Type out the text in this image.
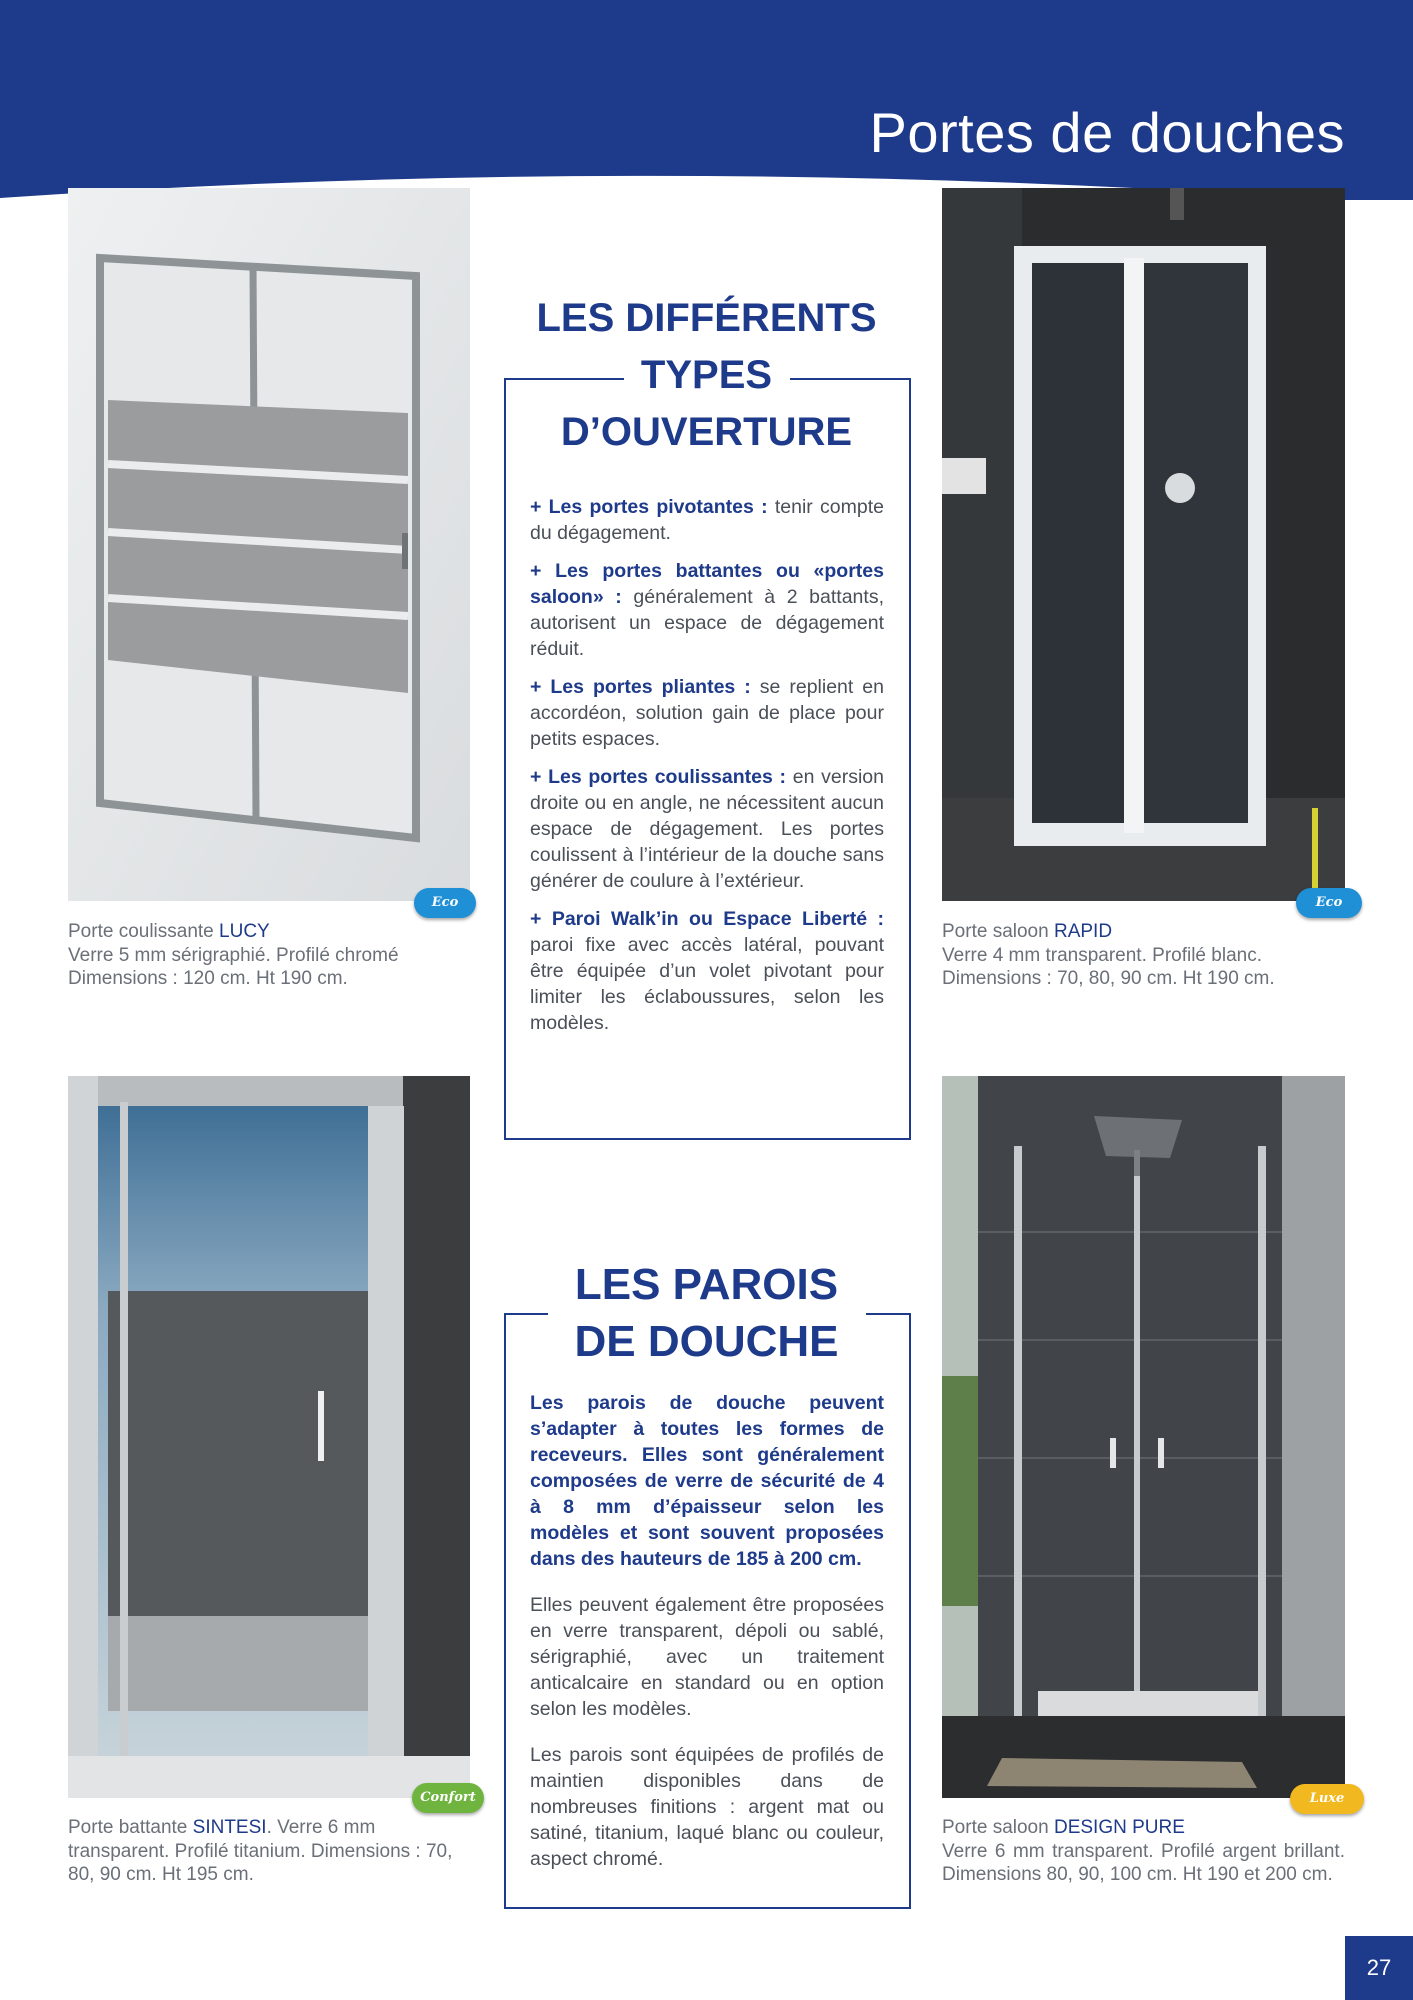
Portes de douches
Eco

Porte coulissante LUCY
Verre 5 mm sérigraphié. Profilé chromé Dimensions : 120 cm. Ht 190 cm.

Eco

Porte saloon RAPID
Verre 4 mm transparent. Profilé blanc. Dimensions : 70, 80, 90 cm. Ht 190 cm.

Confort

Porte battante SINTESI. Verre 6 mm transparent. Profilé titanium. Dimensions : 70, 80, 90 cm. Ht 195 cm.

Luxe

Porte saloon DESIGN PURE
Verre 6 mm transparent. Profilé argent brillant. Dimensions 80, 90, 100 cm. Ht 190 et 200 cm.

LES DIFFÉRENTS
TYPES
D’OUVERTURE

+ Les portes pivotantes : tenir compte du dégagement.

+ Les portes battantes ou «portes saloon» : généralement à 2 battants, autorisent un espace de dégagement réduit.

+ Les portes pliantes : se replient en accordéon, solution gain de place pour petits espaces.

+ Les portes coulissantes : en version droite ou en angle, ne nécessitent aucun espace de dégagement. Les portes coulissent à l’intérieur de la douche sans générer de coulure à l’extérieur.

+ Paroi Walk’in ou Espace Liberté : paroi fixe avec accès latéral, pouvant être équipée d’un volet pivotant pour limiter les éclaboussures, selon les modèles.

LES PAROIS
DE DOUCHE

Les parois de douche peuvent s’adapter à toutes les formes de receveurs. Elles sont généralement composées de verre de sécurité de 4 à 8 mm d’épaisseur selon les modèles et sont souvent proposées dans des hauteurs de 185 à 200 cm.

Elles peuvent également être proposées en verre transparent, dépoli ou sablé, sérigraphié, avec un traitement anticalcaire en standard ou en option selon les modèles.

Les parois sont équipées de profilés de maintien disponibles dans de nombreuses finitions : argent mat ou satiné, titanium, laqué blanc ou couleur, aspect chromé.

27
